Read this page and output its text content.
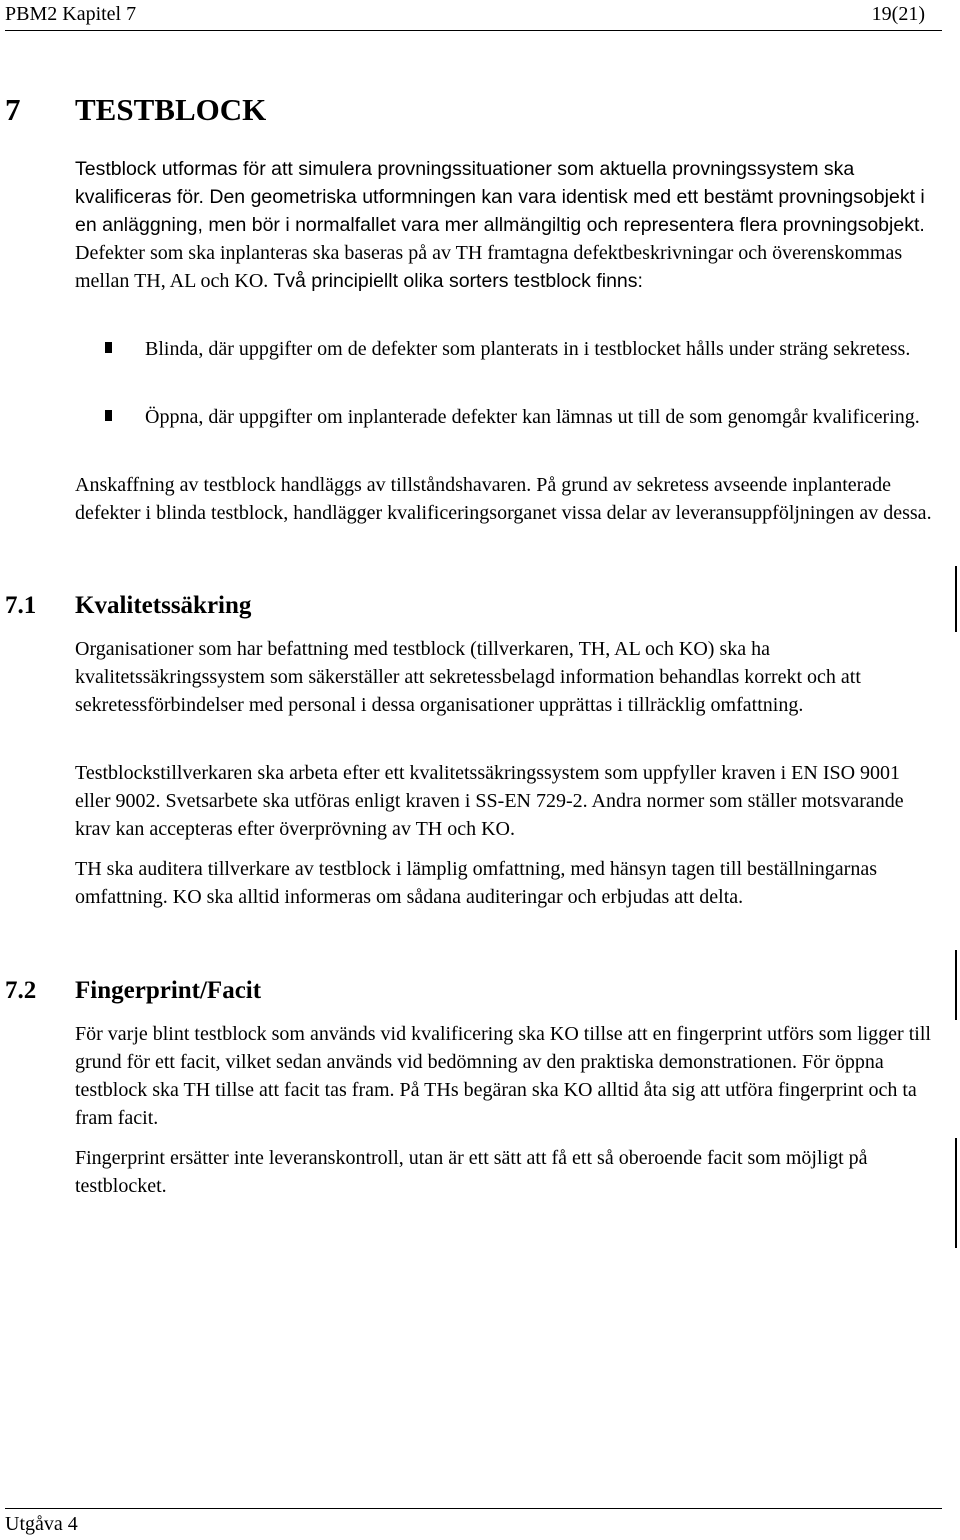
PBM2 Kapitel 7	19(21)
7 TESTBLOCK

Testblock utformas för att simulera provningssituationer som aktuella provningssystem ska kvalificeras för. Den geometriska utformningen kan vara identisk med ett bestämt provningsobjekt i en anläggning, men bör i normalfallet vara mer allmängiltig och representera flera provningsobjekt. Defekter som ska inplanteras ska baseras på av TH framtagna defektbeskrivningar och överenskommas mellan TH, AL och KO. Två principiellt olika sorters testblock finns:

Blinda, där uppgifter om de defekter som planterats in i testblocket hålls under sträng sekretess.
Öppna, där uppgifter om inplanterade defekter kan lämnas ut till de som genomgår kvalificering.

Anskaffning av testblock handläggs av tillståndshavaren. På grund av sekretess avseende inplanterade defekter i blinda testblock, handlägger kvalificeringsorganet vissa delar av leveransuppföljningen av dessa.

7.1 Kvalitetssäkring

Organisationer som har befattning med testblock (tillverkaren, TH, AL och KO) ska ha kvalitetssäkringssystem som säkerställer att sekretessbelagd information behandlas korrekt och att sekretessförbindelser med personal i dessa organisationer upprättas i tillräcklig omfattning.

Testblockstillverkaren ska arbeta efter ett kvalitetssäkringssystem som uppfyller kraven i EN ISO 9001 eller 9002. Svetsarbete ska utföras enligt kraven i SS-EN 729-2. Andra normer som ställer motsvarande krav kan accepteras efter överprövning av TH och KO.

TH ska auditera tillverkare av testblock i lämplig omfattning, med hänsyn tagen till beställningarnas omfattning. KO ska alltid informeras om sådana auditeringar och erbjudas att delta.

7.2 Fingerprint/Facit

För varje blint testblock som används vid kvalificering ska KO tillse att en fingerprint utförs som ligger till grund för ett facit, vilket sedan används vid bedömning av den praktiska demonstrationen. För öppna testblock ska TH tillse att facit tas fram. På THs begäran ska KO alltid åta sig att utföra fingerprint och ta fram facit.

Fingerprint ersätter inte leveranskontroll, utan är ett sätt att få ett så oberoende facit som möjligt på testblocket.

Utgåva 4
